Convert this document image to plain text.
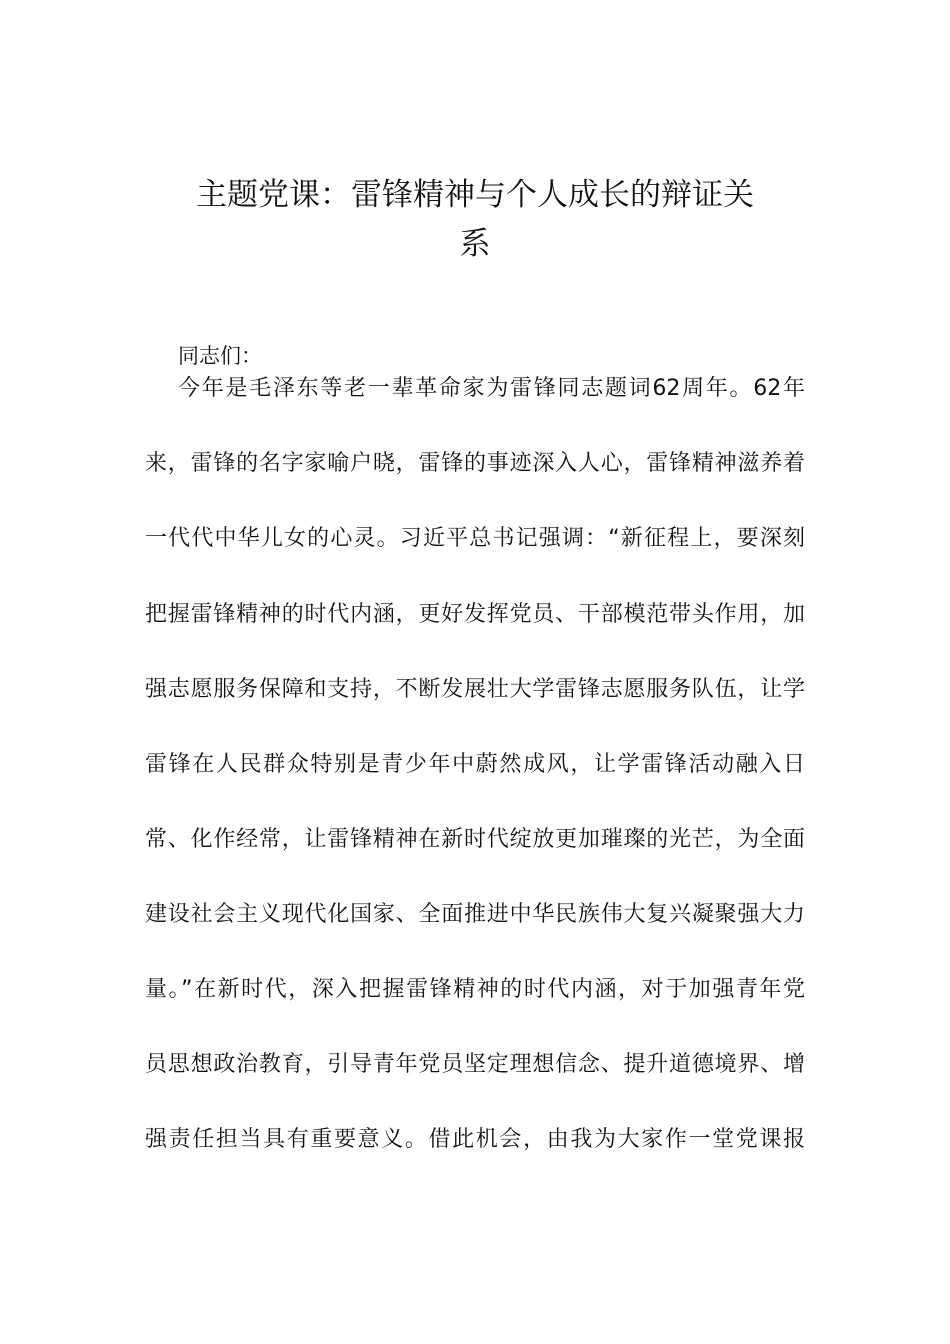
主题党课：雷锋精神与个人成长的辩证关
系
同志们：
今年是毛泽东等老一辈革命家为雷锋同志题词62周年。62年
来，雷锋的名字家喻户晓，雷锋的事迹深入人心，雷锋精神滋养着
一代代中华儿女的心灵。习近平总书记强调：“新征程上，要深刻
把握雷锋精神的时代内涵，更好发挥党员、干部模范带头作用，加
强志愿服务保障和支持，不断发展壮大学雷锋志愿服务队伍，让学
雷锋在人民群众特别是青少年中蔚然成风，让学雷锋活动融入日
常、化作经常，让雷锋精神在新时代绽放更加璀璨的光芒，为全面
建设社会主义现代化国家、全面推进中华民族伟大复兴凝聚强大力
量。”在新时代，深入把握雷锋精神的时代内涵，对于加强青年党
员思想政治教育，引导青年党员坚定理想信念、提升道德境界、增
强责任担当具有重要意义。借此机会，由我为大家作一堂党课报
